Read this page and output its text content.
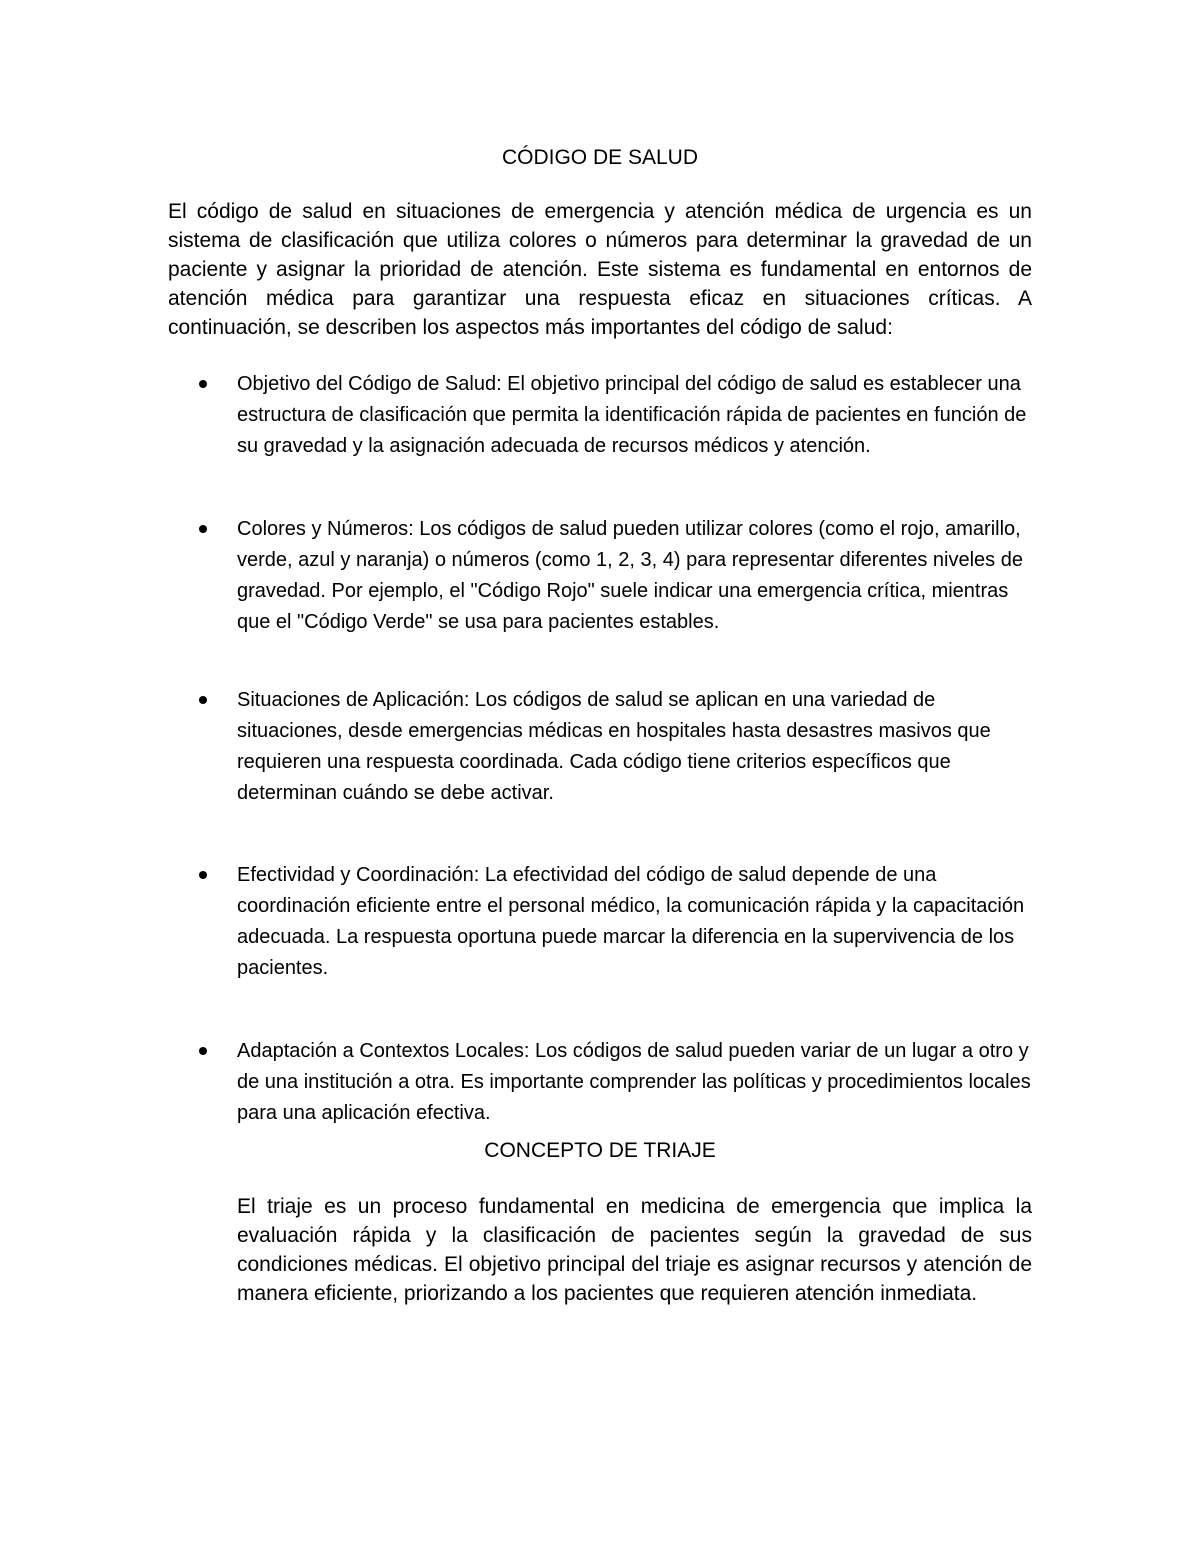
CÓDIGO DE SALUD

El código de salud en situaciones de emergencia y atención médica de urgencia es un sistema de clasificación que utiliza colores o números para determinar la gravedad de un paciente y asignar la prioridad de atención. Este sistema es fundamental en entornos de atención médica para garantizar una respuesta eficaz en situaciones críticas. A continuación, se describen los aspectos más importantes del código de salud:

Objetivo del Código de Salud: El objetivo principal del código de salud es establecer una estructura de clasificación que permita la identificación rápida de pacientes en función de su gravedad y la asignación adecuada de recursos médicos y atención.
Colores y Números: Los códigos de salud pueden utilizar colores (como el rojo, amarillo, verde, azul y naranja) o números (como 1, 2, 3, 4) para representar diferentes niveles de gravedad. Por ejemplo, el "Código Rojo" suele indicar una emergencia crítica, mientras que el "Código Verde" se usa para pacientes estables.
Situaciones de Aplicación: Los códigos de salud se aplican en una variedad de situaciones, desde emergencias médicas en hospitales hasta desastres masivos que requieren una respuesta coordinada. Cada código tiene criterios específicos que determinan cuándo se debe activar.
Efectividad y Coordinación: La efectividad del código de salud depende de una coordinación eficiente entre el personal médico, la comunicación rápida y la capacitación adecuada. La respuesta oportuna puede marcar la diferencia en la supervivencia de los pacientes.
Adaptación a Contextos Locales: Los códigos de salud pueden variar de un lugar a otro y de una institución a otra. Es importante comprender las políticas y procedimientos locales para una aplicación efectiva.
CONCEPTO DE TRIAJE

El triaje es un proceso fundamental en medicina de emergencia que implica la evaluación rápida y la clasificación de pacientes según la gravedad de sus condiciones médicas. El objetivo principal del triaje es asignar recursos y atención de manera eficiente, priorizando a los pacientes que requieren atención inmediata.
